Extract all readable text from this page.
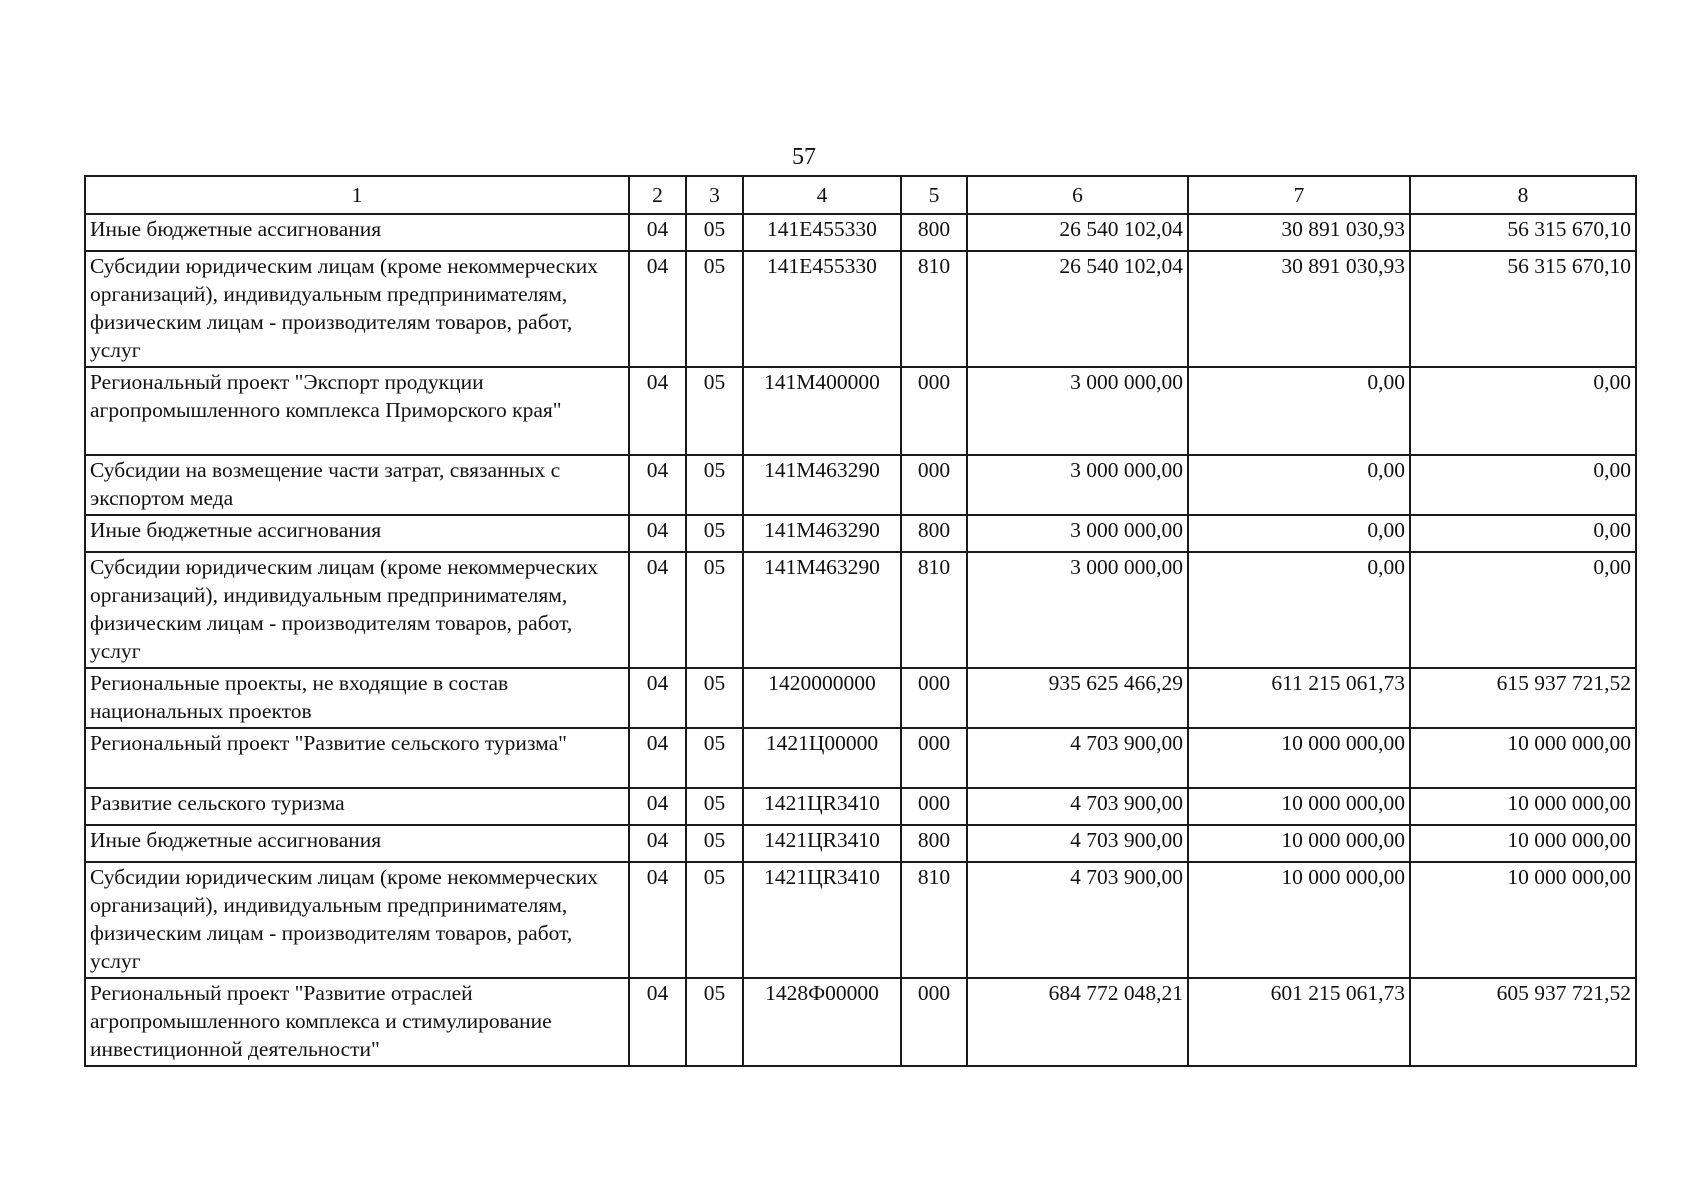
57
1	2	3	4	5	6	7	8
Иные бюджетные ассигнования	04	05	141E455330	800	26 540 102,04	30 891 030,93	56 315 670,10
Субсидии юридическим лицам (кроме некоммерческих организаций), индивидуальным предпринимателям, физическим лицам - производителям товаров, работ, услуг	04	05	141E455330	810	26 540 102,04	30 891 030,93	56 315 670,10
Региональный проект "Экспорт продукции агропромышленного комплекса Приморского края"	04	05	141M400000	000	3 000 000,00	0,00	0,00
Субсидии на возмещение части затрат, связанных с экспортом меда	04	05	141M463290	000	3 000 000,00	0,00	0,00
Иные бюджетные ассигнования	04	05	141M463290	800	3 000 000,00	0,00	0,00
Субсидии юридическим лицам (кроме некоммерческих организаций), индивидуальным предпринимателям, физическим лицам - производителям товаров, работ, услуг	04	05	141M463290	810	3 000 000,00	0,00	0,00
Региональные проекты, не входящие в состав национальных проектов	04	05	1420000000	000	935 625 466,29	611 215 061,73	615 937 721,52
Региональный проект "Развитие сельского туризма"	04	05	1421Ц00000	000	4 703 900,00	10 000 000,00	10 000 000,00
Развитие сельского туризма	04	05	1421ЦR3410	000	4 703 900,00	10 000 000,00	10 000 000,00
Иные бюджетные ассигнования	04	05	1421ЦR3410	800	4 703 900,00	10 000 000,00	10 000 000,00
Субсидии юридическим лицам (кроме некоммерческих организаций), индивидуальным предпринимателям, физическим лицам - производителям товаров, работ, услуг	04	05	1421ЦR3410	810	4 703 900,00	10 000 000,00	10 000 000,00
Региональный проект "Развитие отраслей агропромышленного комплекса и стимулирование инвестиционной деятельности"	04	05	1428Ф00000	000	684 772 048,21	601 215 061,73	605 937 721,52
